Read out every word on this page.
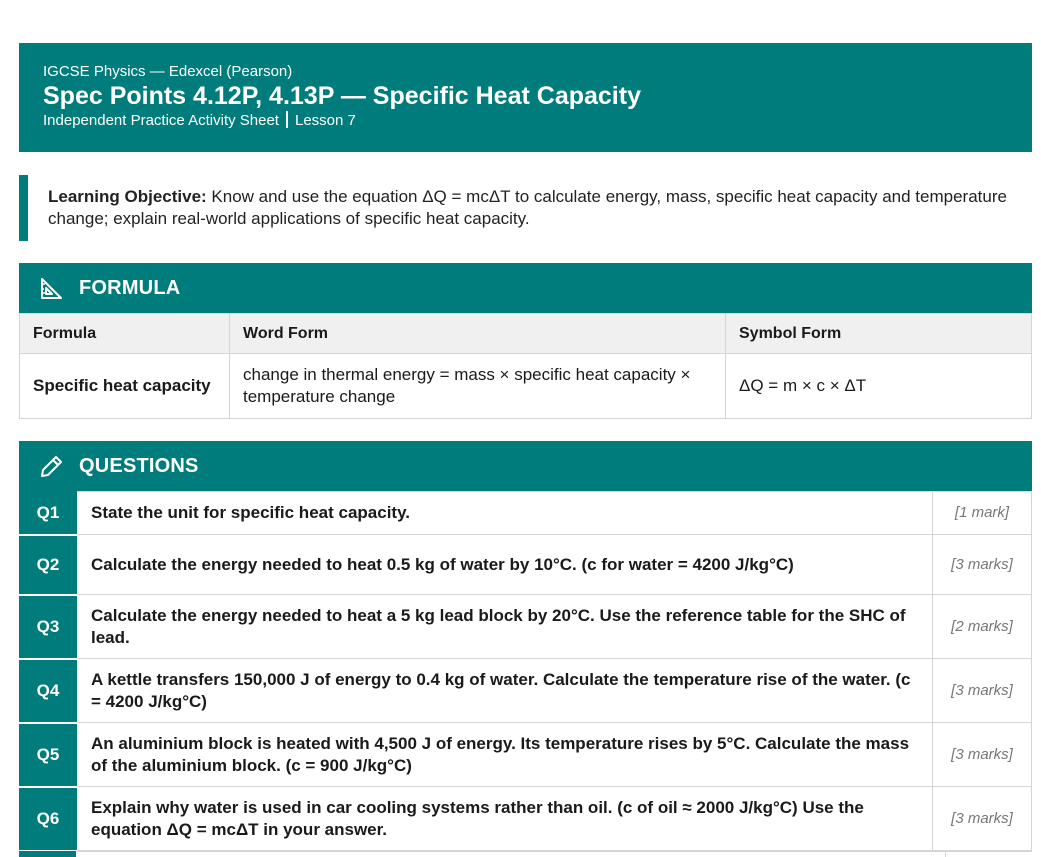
IGCSE Physics — Edexcel (Pearson)
Spec Points 4.12P, 4.13P — Specific Heat Capacity
Independent Practice Activity Sheet Lesson 7
Learning Objective: Know and use the equation ΔQ = mcΔT to calculate energy, mass, specific heat capacity and temperature change; explain real-world applications of specific heat capacity.
FORMULA
Formula	Word Form	Symbol Form
Specific heat capacity	change in thermal energy = mass × specific heat capacity × temperature change	ΔQ = m × c × ΔT
QUESTIONS
Q1	State the unit for specific heat capacity.	[1 mark]
Q2	Calculate the energy needed to heat 0.5 kg of water by 10°C. (c for water = 4200 J/kg°C)	[3 marks]
Q3	Calculate the energy needed to heat a 5 kg lead block by 20°C. Use the reference table for the SHC of lead.	[2 marks]
Q4	A kettle transfers 150,000 J of energy to 0.4 kg of water. Calculate the temperature rise of the water. (c = 4200 J/kg°C)	[3 marks]
Q5	An aluminium block is heated with 4,500 J of energy. Its temperature rises by 5°C. Calculate the mass of the aluminium block. (c = 900 J/kg°C)	[3 marks]
Q6	Explain why water is used in car cooling systems rather than oil. (c of oil ≈ 2000 J/kg°C) Use the equation ΔQ = mcΔT in your answer.	[3 marks]
